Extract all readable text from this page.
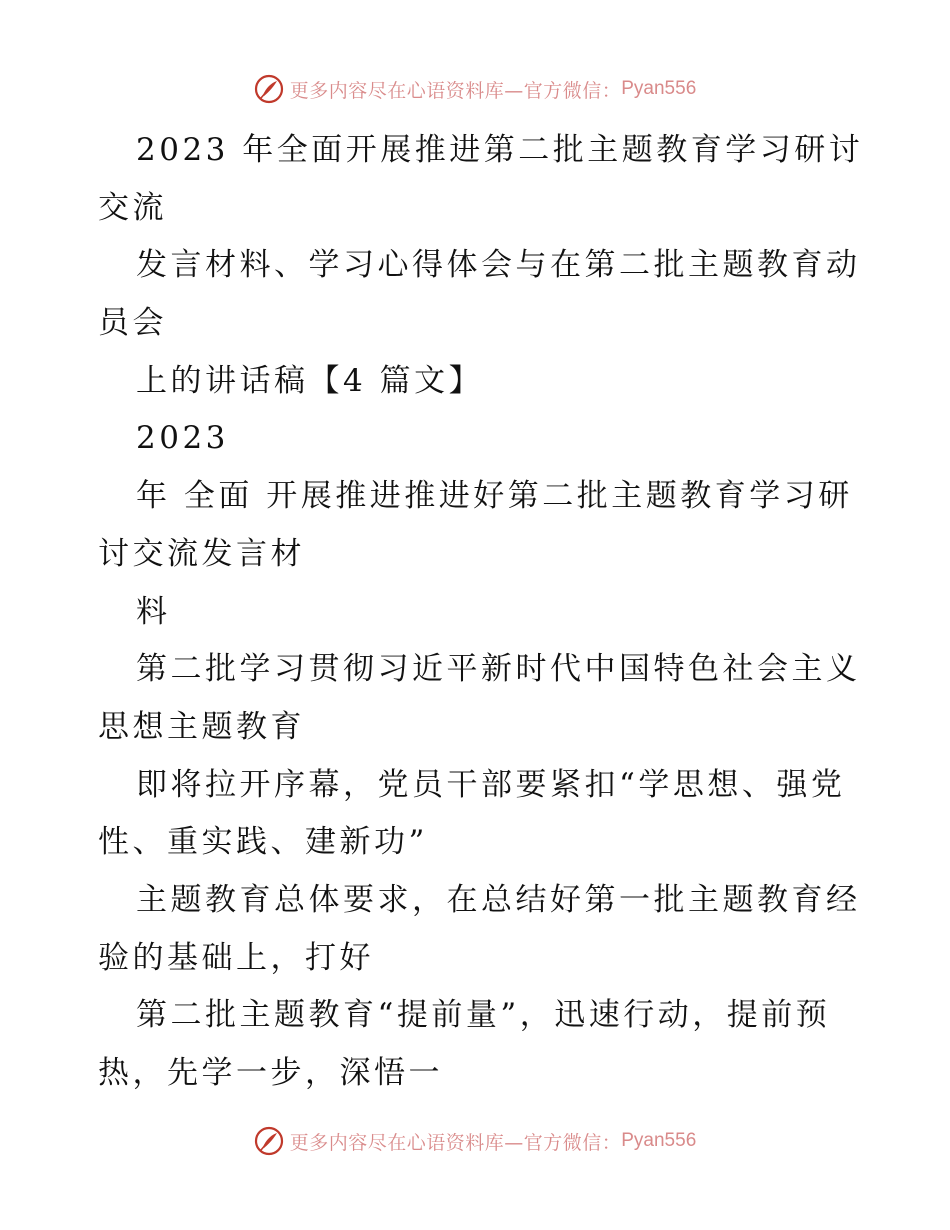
更多内容尽在心语资料库—官方微信： Pyan556
2023 年全面开展推进第二批主题教育学习研讨
交流
发言材料、学习心得体会与在第二批主题教育动
员会
上的讲话稿【4 篇文】
2023
年 全面 开展推进推进好第二批主题教育学习研
讨交流发言材
料
第二批学习贯彻习近平新时代中国特色社会主义
思想主题教育
即将拉开序幕，党员干部要紧扣“学思想、强党
性、重实践、建新功”
主题教育总体要求，在总结好第一批主题教育经
验的基础上，打好
第二批主题教育“提前量”，迅速行动，提前预
热，先学一步，深悟一
更多内容尽在心语资料库—官方微信： Pyan556
